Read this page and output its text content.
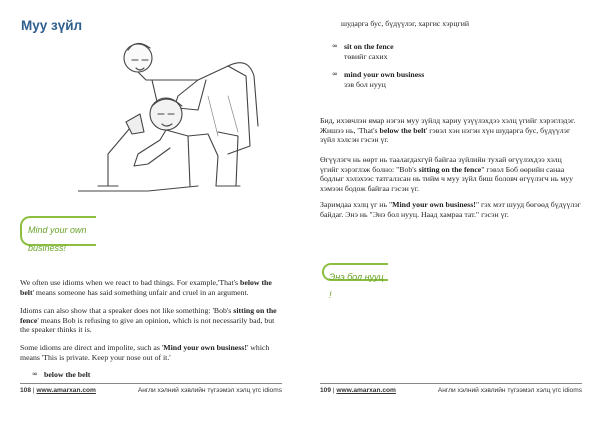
Муу зүйл
Mind your own business!

We often use idioms when we react to bad things. For example,'That's below the belt' means someone has said something unfair and cruel in an argument.

Idioms can also show that a speaker does not like something: 'Bob's sitting on the fence' means Bob is refusing to give an opinion, which is not necessarily bad, but the speaker thinks it is.

Some idioms are direct and impolite, such as 'Mind your own business!' which means 'This is private. Keep your nose out of it.'

∞ below the belt
108 | www.amarxan.com	Англи хэлний хэвлийн түгээмэл хэлц үгс idioms

шударга бус, бүдүүлэг, харгис хэрцгий

∞ sit on the fence
төвийг сахих
∞ mind your own business
зэв бол нууц

Бид, ихэвчлэн ямар нэгэн муу зүйлд хариу үзүүлэхдээ хэлц үгийг хэрэглэдэг. Жишээ нь, 'That's below the belt' гэвэл хэн нэгэн хүн шударга бус, бүдүүлэг зүйл хэлсэн гэсэн үг.

Өгүүлэгч нь өөрт нь таалагдахгүй байгаа зүйлийн тухай өгүүлэхдээ хэлц үгийг хэрэглэж болно: "Bob's sitting on the fence" гэвэл Боб өөрийн санаа бодлыг хэлэхээс татгалзсан нь тийм ч муу зүйл биш боловч өгүүлэгч нь муу хэмээн бодож байгаа гэсэн үг.

Заримдаа хэлц үг нь "Mind your own business!" гэх мэт шууд бөгөөд бүдүүлэг байдаг. Энэ нь "Энэ бол нууц. Наад хамраа тат." гэсэн үг.

Энэ бол нууц !
109 | www.amarxan.com	Англи хэлний хэвлийн түгээмэл хэлц үгс idioms
